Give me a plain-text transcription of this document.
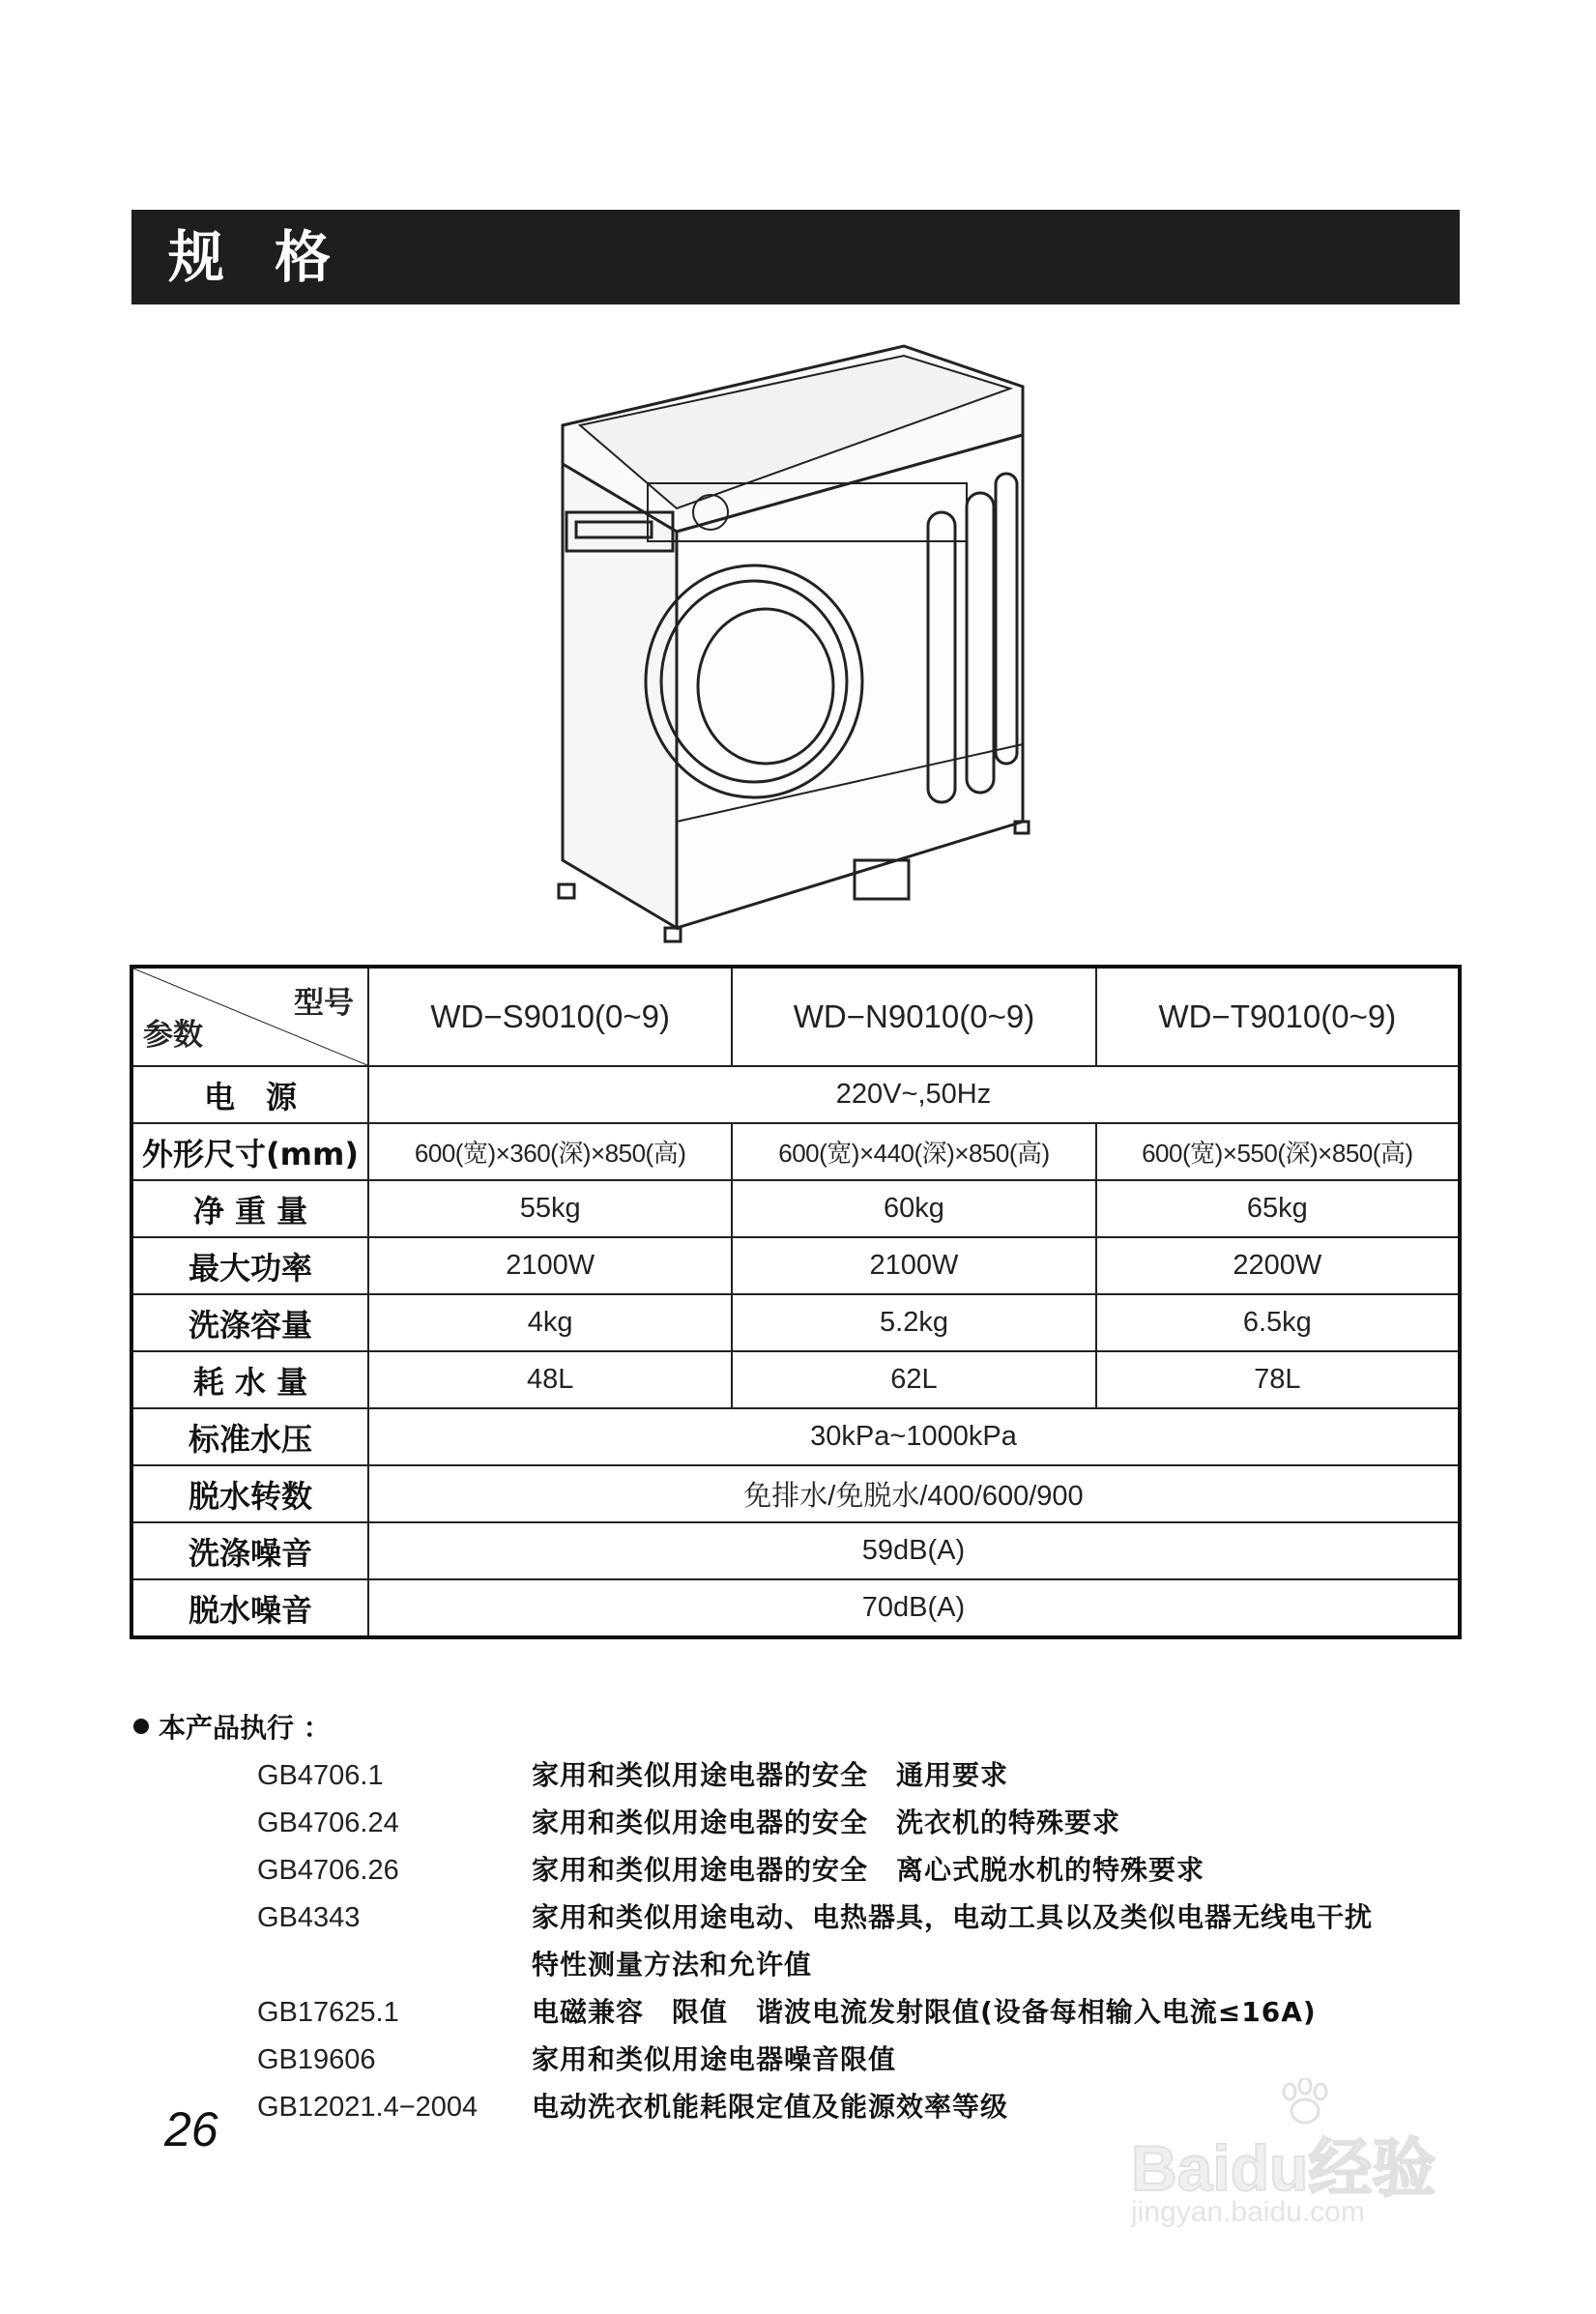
规格
型号
参数	WD−S9010(0~9)	WD−N9010(0~9)	WD−T9010(0~9)
电　源	220V~,50Hz		
外形尺寸(mm)	600(宽)×360(深)×850(高)	600(宽)×440(深)×850(高)	600(宽)×550(深)×850(高)
净 重 量	55kg	60kg	65kg
最大功率	2100W	2100W	2200W
洗涤容量	4kg	5.2kg	6.5kg
耗 水 量	48L	62L	78L
标准水压	30kPa~1000kPa		
脱水转数	免排水/免脱水/400/600/900		
洗涤噪音	59dB(A)		
脱水噪音	70dB(A)		
本产品执行 ：
GB4706.1	家用和类似用途电器的安全　通用要求
GB4706.24	家用和类似用途电器的安全　洗衣机的特殊要求
GB4706.26	家用和类似用途电器的安全　离心式脱水机的特殊要求
GB4343	家用和类似用途电动、电热器具，电动工具以及类似电器无线电干扰
特性测量方法和允许值
GB17625.1	电磁兼容　限值　谐波电流发射限值(设备每相输入电流≤16A)
GB19606	家用和类似用途电器噪音限值
GB12021.4−2004	电动洗衣机能耗限定值及能源效率等级
26
Baidu经验
jingyan.baidu.com
